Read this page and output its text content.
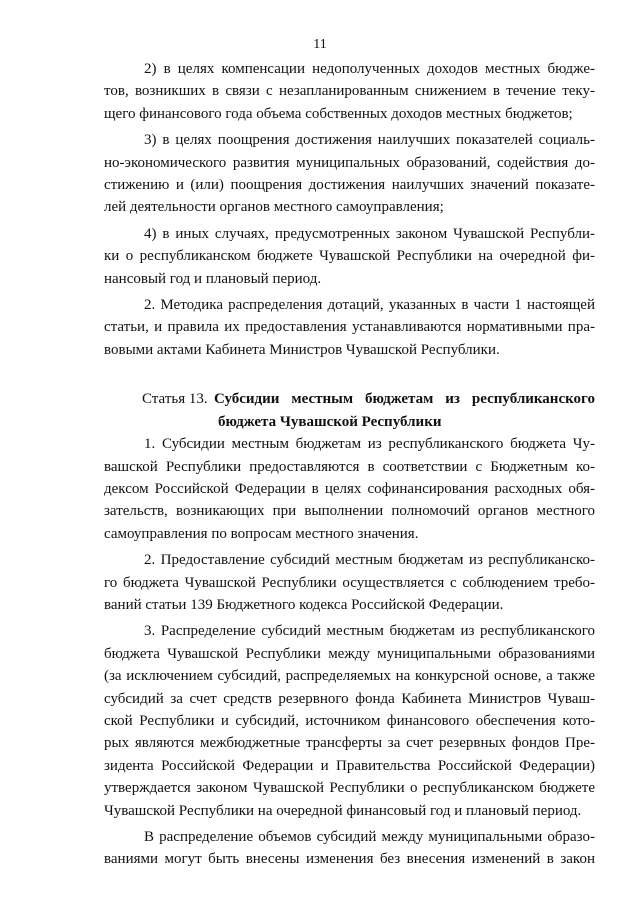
11

2) в целях компенсации недополученных доходов местных бюдже-
тов, возникших в связи с незапланированным снижением в течение теку-
щего финансового года объема собственных доходов местных бюджетов;

3) в целях поощрения достижения наилучших показателей социаль-
но-экономического развития муниципальных образований, содействия до-
стижению и (или) поощрения достижения наилучших значений показате-
лей деятельности органов местного самоуправления;

4) в иных случаях, предусмотренных законом Чувашской Республи-
ки о республиканском бюджете Чувашской Республики на очередной фи-
нансовый год и плановый период.

2. Методика распределения дотаций, указанных в части 1 настоящей
статьи, и правила их предоставления устанавливаются нормативными пра-
вовыми актами Кабинета Министров Чувашской Республики.

Статья 13. Субсидии местным бюджетам из республиканского
бюджета Чувашской Республики

1. Субсидии местным бюджетам из республиканского бюджета Чу-
вашской Республики предоставляются в соответствии с Бюджетным ко-
дексом Российской Федерации в целях софинансирования расходных обя-
зательств, возникающих при выполнении полномочий органов местного
самоуправления по вопросам местного значения.

2. Предоставление субсидий местным бюджетам из республиканско-
го бюджета Чувашской Республики осуществляется с соблюдением требо-
ваний статьи 139 Бюджетного кодекса Российской Федерации.

3. Распределение субсидий местным бюджетам из республиканского
бюджета Чувашской Республики между муниципальными образованиями
(за исключением субсидий, распределяемых на конкурсной основе, а также
субсидий за счет средств резервного фонда Кабинета Министров Чуваш-
ской Республики и субсидий, источником финансового обеспечения кото-
рых являются межбюджетные трансферты за счет резервных фондов Пре-
зидента Российской Федерации и Правительства Российской Федерации)
утверждается законом Чувашской Республики о республиканском бюджете
Чувашской Республики на очередной финансовый год и плановый период.

В распределение объемов субсидий между муниципальными образо-
ваниями могут быть внесены изменения без внесения изменений в закон
